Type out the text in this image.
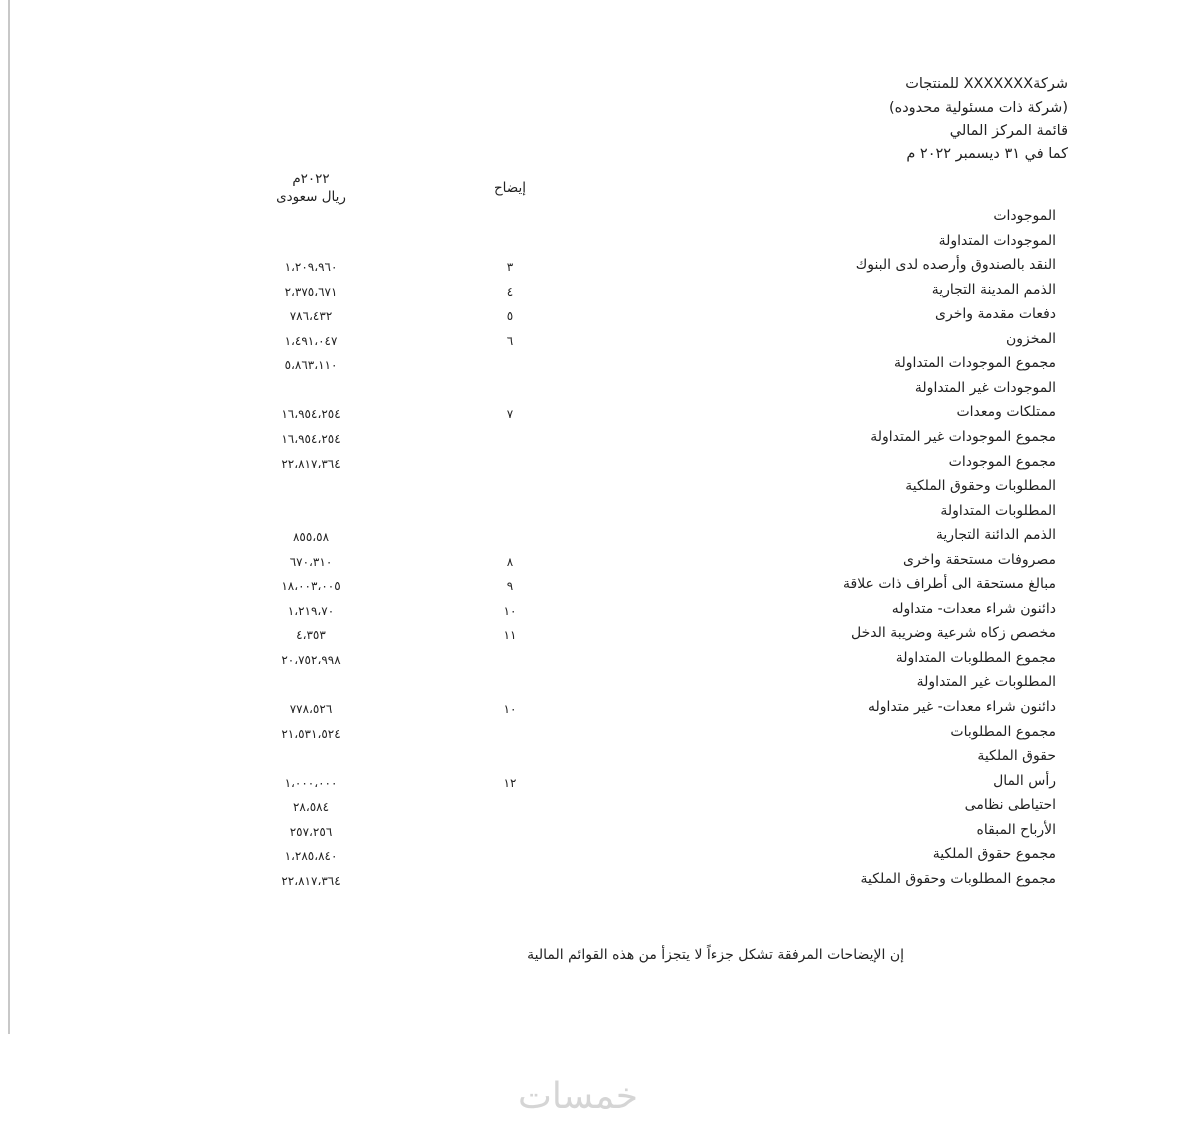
شركةXXXXXXX للمنتجات
(شركة ذات مسئولية محدوده)
قائمة المركز المالي
كما في ٣١ ديسمبر ٢٠٢٢ م
إيضاح
٢٠٢٢م
ريال سعودى
الموجودات
الموجودات المتداولة
النقد بالصندوق وأرصده لدى البنوك
٣
١،٢٠٩،٩٦٠
الذمم المدينة التجارية
٤
٢،٣٧٥،٦٧١
دفعات مقدمة واخرى
٥
٧٨٦،٤٣٢
المخزون
٦
١،٤٩١،٠٤٧
مجموع الموجودات المتداولة
٥،٨٦٣،١١٠
الموجودات غير المتداولة
ممتلكات ومعدات
٧
١٦،٩٥٤،٢٥٤
مجموع الموجودات غير المتداولة
١٦،٩٥٤،٢٥٤
مجموع الموجودات
٢٢،٨١٧،٣٦٤
المطلوبات وحقوق الملكية
المطلوبات المتداولة
الذمم الدائنة التجارية
٨٥٥،٥٨
مصروفات مستحقة واخرى
٨
٦٧٠،٣١٠
مبالغ مستحقة الى أطراف ذات علاقة
٩
١٨،٠٠٣،٠٠٥
دائنون شراء معدات- متداوله
١٠
١،٢١٩،٧٠
مخصص زكاه شرعية وضريبة الدخل
١١
٤،٣٥٣
مجموع المطلوبات المتداولة
٢٠،٧٥٢،٩٩٨
المطلوبات غير المتداولة
دائنون شراء معدات- غير متداوله
١٠
٧٧٨،٥٢٦
مجموع المطلوبات
٢١،٥٣١،٥٢٤
حقوق الملكية
رأس المال
١٢
١،٠٠٠،٠٠٠
احتياطى نظامى
٢٨،٥٨٤
الأرباح المبقاه
٢٥٧،٢٥٦
مجموع حقوق الملكية
١،٢٨٥،٨٤٠
مجموع المطلوبات وحقوق الملكية
٢٢،٨١٧،٣٦٤
إن الإيضاحات المرفقة تشكل جزءاً لا يتجزأ من هذه القوائم المالية
خمسات
